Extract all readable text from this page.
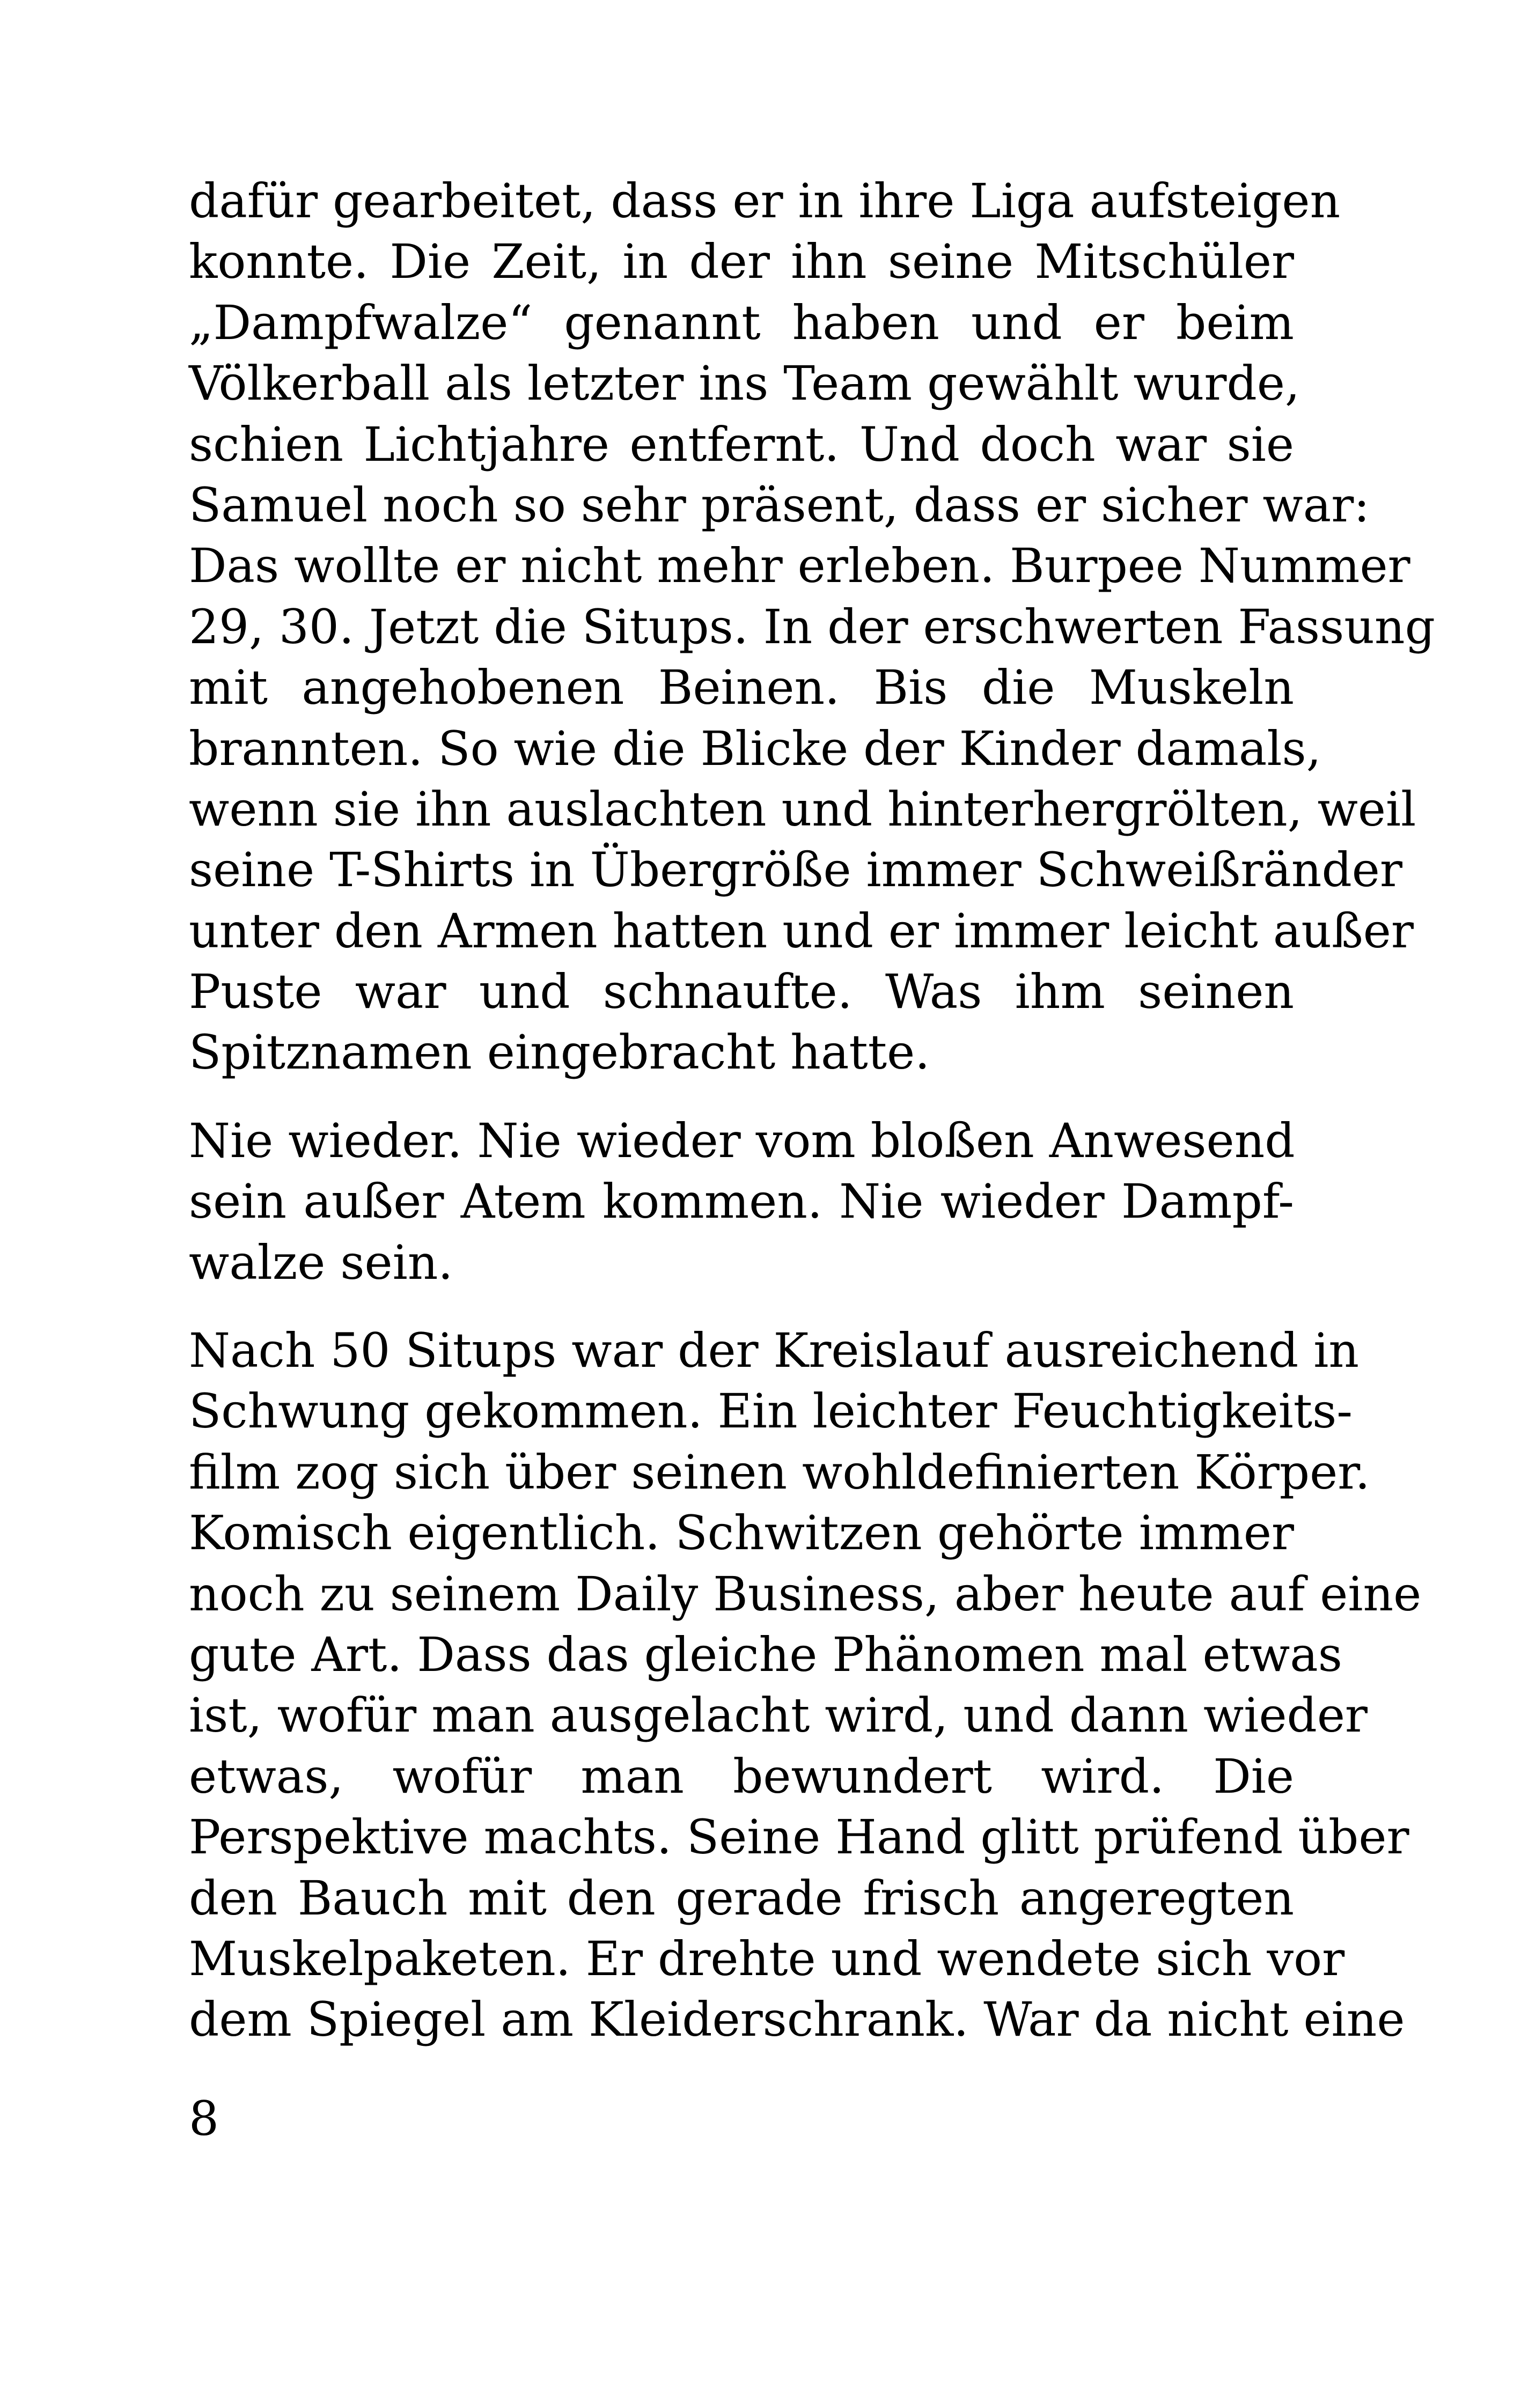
dafür gearbeitet, dass er in ihre Liga aufsteigen
konnte. Die Zeit, in der ihn seine Mitschüler
„Dampfwalze“ genannt haben und er beim
Völkerball als letzter ins Team gewählt wurde,
schien Lichtjahre entfernt. Und doch war sie
Samuel noch so sehr präsent, dass er sicher war:
Das wollte er nicht mehr erleben. Burpee Nummer
29, 30. Jetzt die Situps. In der erschwerten Fassung
mit angehobenen Beinen. Bis die Muskeln
brannten. So wie die Blicke der Kinder damals,
wenn sie ihn auslachten und hinterhergrölten, weil
seine T-Shirts in Übergröße immer Schweißränder
unter den Armen hatten und er immer leicht außer
Puste war und schnaufte. Was ihm seinen
Spitznamen eingebracht hatte.
Nie wieder. Nie wieder vom bloßen Anwesend
sein außer Atem kommen. Nie wieder Dampf-
walze sein.
Nach 50 Situps war der Kreislauf ausreichend in
Schwung gekommen. Ein leichter Feuchtigkeits-
film zog sich über seinen wohldefinierten Körper.
Komisch eigentlich. Schwitzen gehörte immer
noch zu seinem Daily Business, aber heute auf eine
gute Art. Dass das gleiche Phänomen mal etwas
ist, wofür man ausgelacht wird, und dann wieder
etwas, wofür man bewundert wird. Die
Perspektive machts. Seine Hand glitt prüfend über
den Bauch mit den gerade frisch angeregten
Muskelpaketen. Er drehte und wendete sich vor
dem Spiegel am Kleiderschrank. War da nicht eine
8
